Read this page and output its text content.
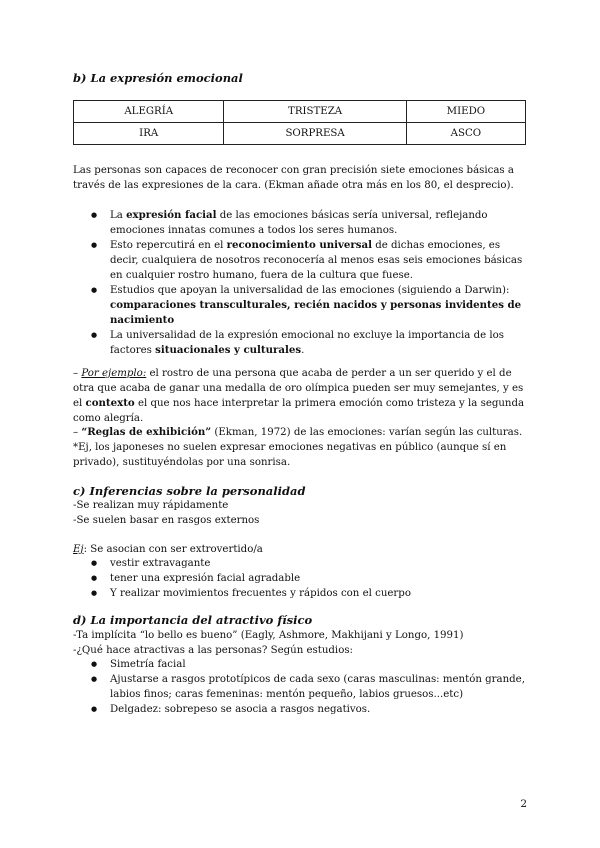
b) La expresión emocional
ALEGRÍA	TRISTEZA	MIEDO
IRA	SORPRESA	ASCO

Las personas son capaces de reconocer con gran precisión siete emociones básicas a través de las expresiones de la cara. (Ekman añade otra más en los 80, el desprecio).

● La expresión facial de las emociones básicas sería universal, reflejando emociones innatas comunes a todos los seres humanos.
● Esto repercutirá en el reconocimiento universal de dichas emociones, es decir, cualquiera de nosotros reconocería al menos esas seis emociones básicas en cualquier rostro humano, fuera de la cultura que fuese.
● Estudios que apoyan la universalidad de las emociones (siguiendo a Darwin): comparaciones transculturales, recién nacidos y personas invidentes de nacimiento
● La universalidad de la expresión emocional no excluye la importancia de los factores situacionales y culturales.

– Por ejemplo: el rostro de una persona que acaba de perder a un ser querido y el de otra que acaba de ganar una medalla de oro olímpica pueden ser muy semejantes, y es el contexto el que nos hace interpretar la primera emoción como tristeza y la segunda como alegría.

– “Reglas de exhibición” (Ekman, 1972) de las emociones: varían según las culturas. *Ej, los japoneses no suelen expresar emociones negativas en público (aunque sí en privado), sustituyéndolas por una sonrisa.

c) Inferencias sobre la personalidad

-Se realizan muy rápidamente

-Se suelen basar en rasgos externos

Ej: Se asocian con ser extrovertido/a

● vestir extravagante
● tener una expresión facial agradable
● Y realizar movimientos frecuentes y rápidos con el cuerpo
d) La importancia del atractivo físico

-Ta implícita “lo bello es bueno” (Eagly, Ashmore, Makhijani y Longo, 1991)

-¿Qué hace atractivas a las personas? Según estudios:

● Simetría facial
● Ajustarse a rasgos prototípicos de cada sexo (caras masculinas: mentón grande, labios finos; caras femeninas: mentón pequeño, labios gruesos...etc)
● Delgadez: sobrepeso se asocia a rasgos negativos.
2
